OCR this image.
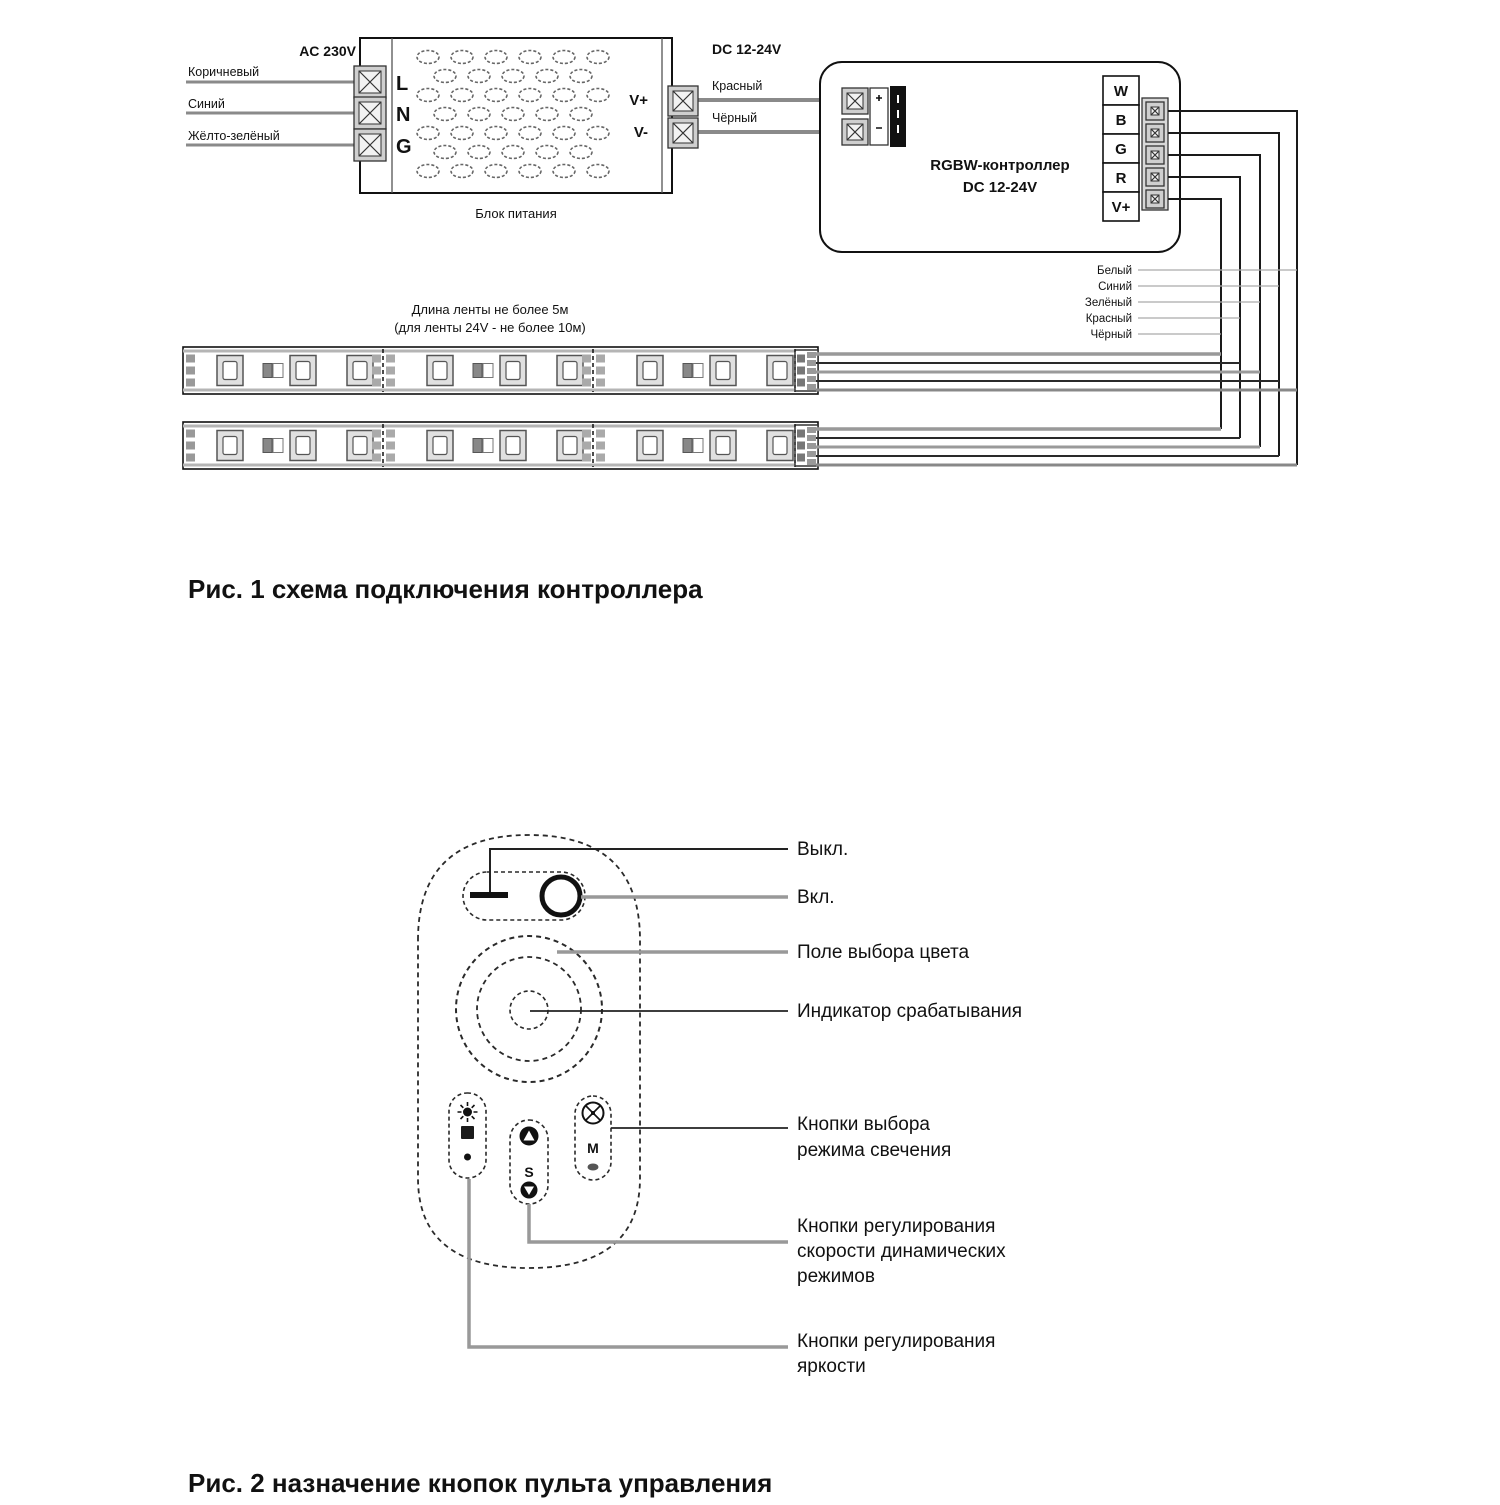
Коричневый
Синий
Жёлто-зелёный
AC 230V
L
N
G
V+
V-
Блок питания
DC 12-24V
Красный
Чёрный
RGBW-контроллер
DC 12-24V
W
B
G
R
V+
Белый
Синий
Зелёный
Красный
Чёрный
Длина ленты не более 5м
(для ленты 24V - не более 10м)
Рис. 1 схема подключения контроллера
S
M
Выкл.
Вкл.
Поле выбора цвета
Индикатор срабатывания
Кнопки выбора
режима свечения
Кнопки регулирования
скорости динамических
режимов
Кнопки регулирования
яркости
Рис. 2 назначение кнопок пульта управления
